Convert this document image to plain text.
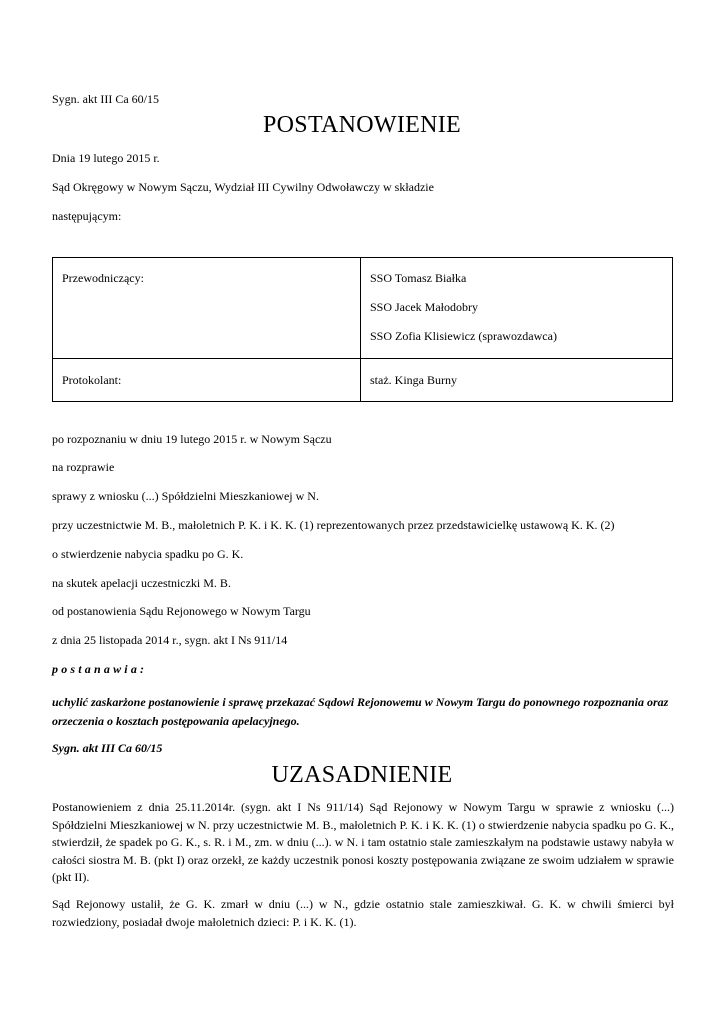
Sygn. akt III Ca 60/15
POSTANOWIENIE
Dnia 19 lutego 2015 r.
Sąd Okręgowy w Nowym Sączu, Wydział III Cywilny Odwoławczy w składzie
następującym:
Przewodniczący:	SSO Tomasz Białka
SSO Jacek Małodobry
SSO Zofia Klisiewicz (sprawozdawca)

Protokolant:	staż. Kinga Burny
po rozpoznaniu w dniu 19 lutego 2015 r. w Nowym Sączu
na rozprawie
sprawy z wniosku (...) Spółdzielni Mieszkaniowej w N.
przy uczestnictwie M. B., małoletnich P. K. i K. K. (1) reprezentowanych przez przedstawicielkę ustawową K. K. (2)
o stwierdzenie nabycia spadku po G. K.
na skutek apelacji uczestniczki M. B.
od postanowienia Sądu Rejonowego w Nowym Targu
z dnia 25 listopada 2014 r., sygn. akt I Ns 911/14
postanawia:
uchylić zaskarżone postanowienie i sprawę przekazać Sądowi Rejonowemu w Nowym Targu do ponownego rozpoznania oraz orzeczenia o kosztach postępowania apelacyjnego.
Sygn. akt III Ca 60/15
UZASADNIENIE
Postanowieniem z dnia 25.11.2014r. (sygn. akt I Ns 911/14) Sąd Rejonowy w Nowym Targu w sprawie z wniosku (...) Spółdzielni Mieszkaniowej w N. przy uczestnictwie M. B., małoletnich P. K. i K. K. (1) o stwierdzenie nabycia spadku po G. K., stwierdził, że spadek po G. K., s. R. i M., zm. w dniu (...). w N. i tam ostatnio stale zamieszkałym na podstawie ustawy nabyła w całości siostra M. B. (pkt I) oraz orzekł, ze każdy uczestnik ponosi koszty postępowania związane ze swoim udziałem w sprawie (pkt II).
Sąd Rejonowy ustalił, że G. K. zmarł w dniu (...) w N., gdzie ostatnio stale zamieszkiwał. G. K. w chwili śmierci był rozwiedziony, posiadał dwoje małoletnich dzieci: P. i K. K. (1).
